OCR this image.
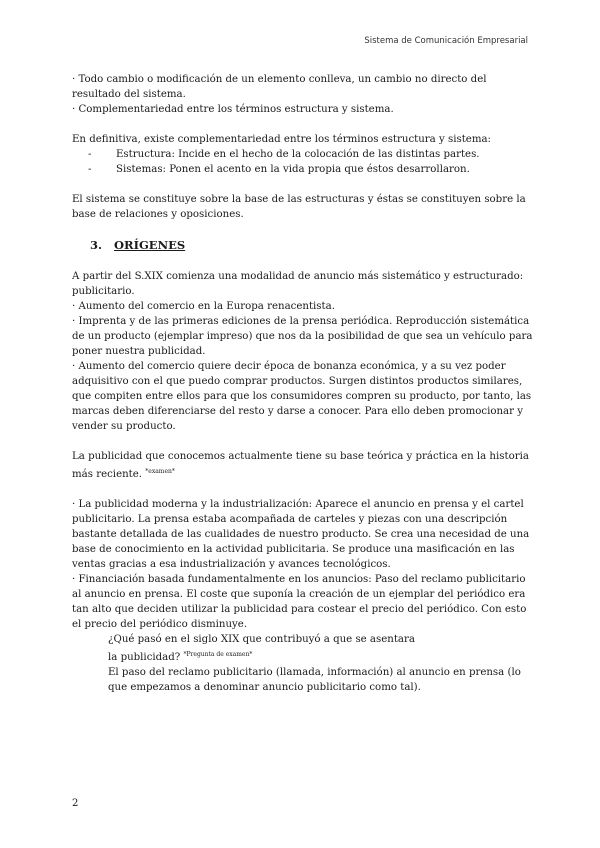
Sistema de Comunicación Empresarial

· Todo cambio o modificación de un elemento conlleva, un cambio no directo del resultado del sistema.

· Complementariedad entre los términos estructura y sistema.

En definitiva, existe complementariedad entre los términos estructura y sistema:

-	Estructura: Incide en el hecho de la colocación de las distintas partes.
-	Sistemas: Ponen el acento en la vida propia que éstos desarrollaron.

El sistema se constituye sobre la base de las estructuras y éstas se constituyen sobre la base de relaciones y oposiciones.

3. ORÍGENES

A partir del S.XIX comienza una modalidad de anuncio más sistemático y estructurado: publicitario.

· Aumento del comercio en la Europa renacentista.

· Imprenta y de las primeras ediciones de la prensa periódica. Reproducción sistemática de un producto (ejemplar impreso) que nos da la posibilidad de que sea un vehículo para poner nuestra publicidad.

· Aumento del comercio quiere decir época de bonanza económica, y a su vez poder adquisitivo con el que puedo comprar productos. Surgen distintos productos similares, que compiten entre ellos para que los consumidores compren su producto, por tanto, las marcas deben diferenciarse del resto y darse a conocer. Para ello deben promocionar y vender su producto.

La publicidad que conocemos actualmente tiene su base teórica y práctica en la historia más reciente. $^{*examen*}$

· La publicidad moderna y la industrialización: Aparece el anuncio en prensa y el cartel publicitario. La prensa estaba acompañada de carteles y piezas con una descripción bastante detallada de las cualidades de nuestro producto. Se crea una necesidad de una base de conocimiento en la actividad publicitaria. Se produce una masificación en las ventas gracias a esa industrialización y avances tecnológicos.

· Financiación basada fundamentalmente en los anuncios: Paso del reclamo publicitario al anuncio en prensa. El coste que suponía la creación de un ejemplar del periódico era tan alto que deciden utilizar la publicidad para costear el precio del periódico. Con esto el precio del periódico disminuye.

¿Qué pasó en el siglo XIX que contribuyó a que se asentara

la publicidad? $^{*Pregunta de examen*}$

El paso del reclamo publicitario (llamada, información) al anuncio en prensa (lo que empezamos a denominar anuncio publicitario como tal).

2
